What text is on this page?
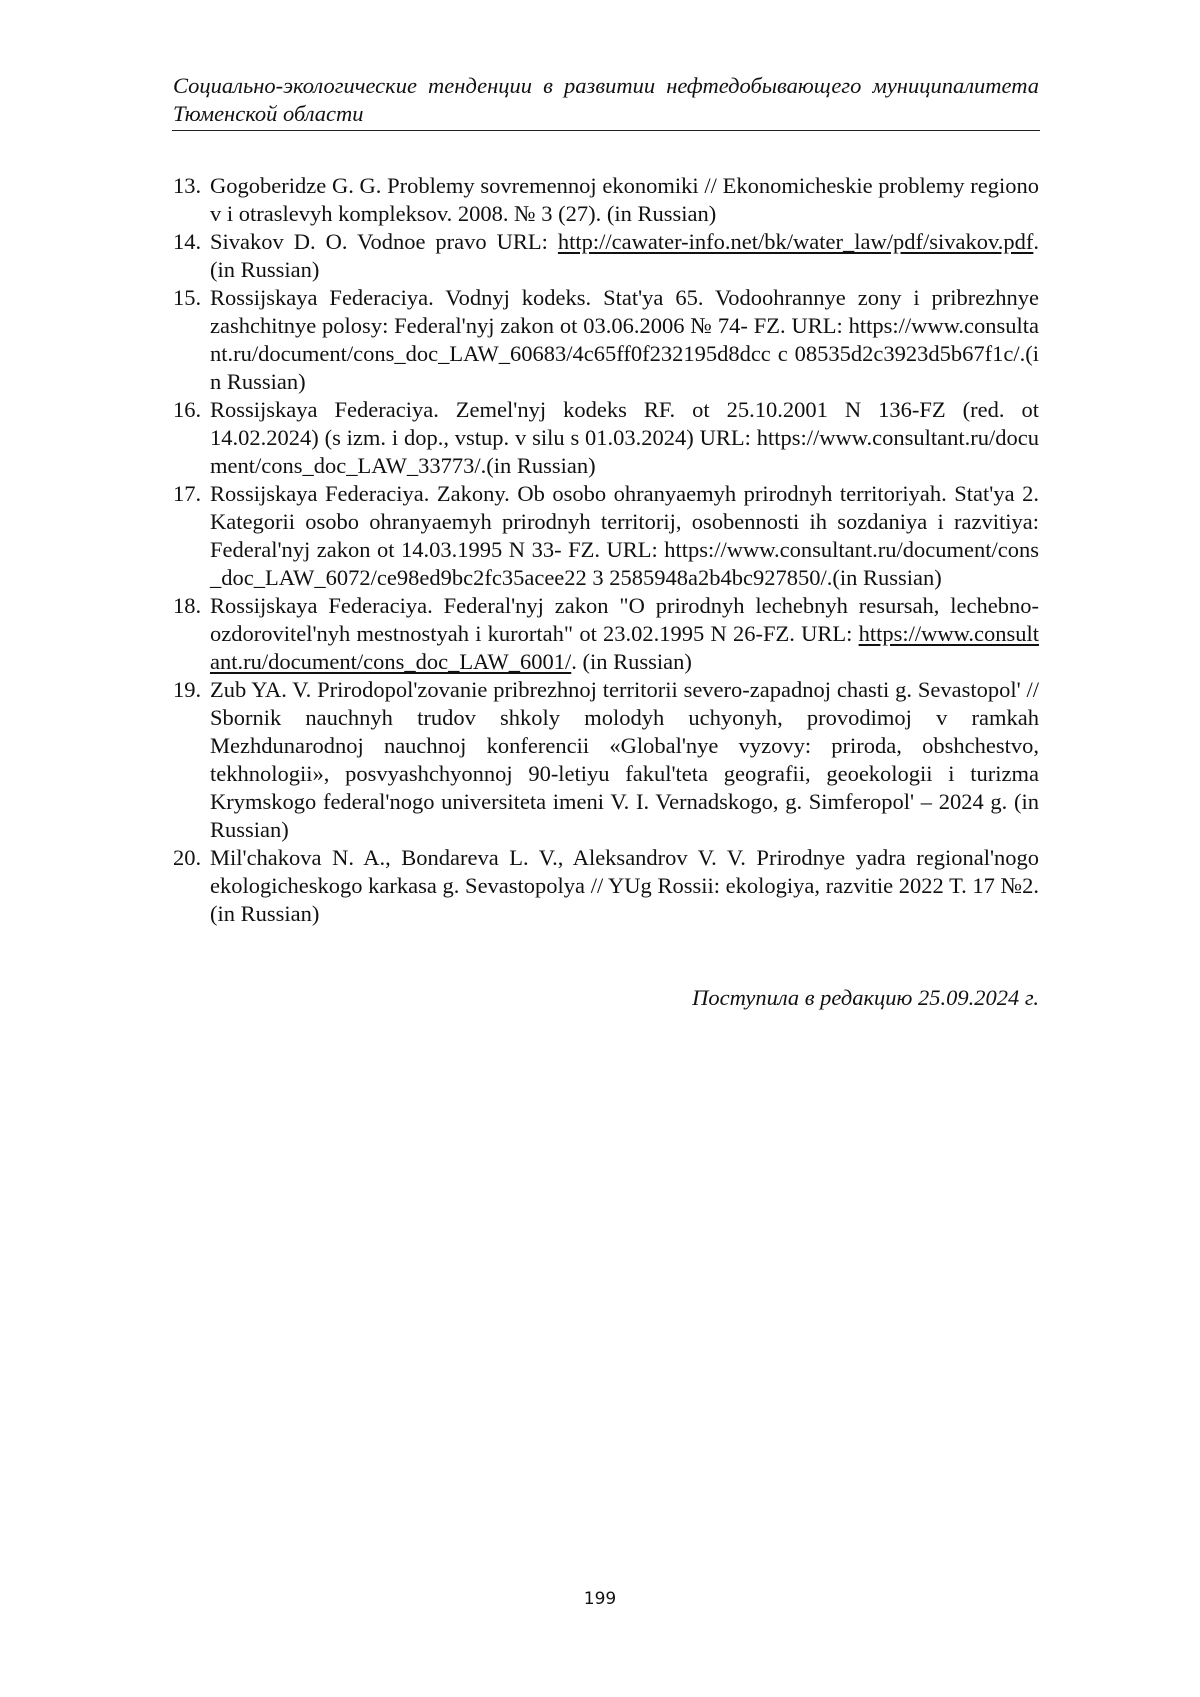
Социально-экологические тенденции в развитии нефтедобывающего муниципалитета Тюменской области
13. Gogoberidze G. G. Problemy sovremennoj ekonomiki // Ekonomicheskie problemy regionov i otraslevyh kompleksov. 2008. № 3 (27). (in Russian)
14. Sivakov D. O. Vodnoe pravo URL: http://cawater-info.net/bk/water_law/pdf/sivakov.pdf. (in Russian)
15. Rossijskaya Federaciya. Vodnyj kodeks. Stat'ya 65. Vodoohrannye zony i pribrezhnye zashchitnye polosy: Federal'nyj zakon ot 03.06.2006 № 74- FZ. URL: https://www.consultant.ru/document/cons_doc_LAW_60683/4c65ff0f232195d8dcc c 08535d2c3923d5b67f1c/.(in Russian)
16. Rossijskaya Federaciya. Zemel'nyj kodeks RF. ot 25.10.2001 N 136-FZ (red. ot 14.02.2024) (s izm. i dop., vstup. v silu s 01.03.2024) URL: https://www.consultant.ru/document/cons_doc_LAW_33773/.(in Russian)
17. Rossijskaya Federaciya. Zakony. Ob osobo ohranyaemyh prirodnyh territoriyah. Stat'ya 2. Kategorii osobo ohranyaemyh prirodnyh territorij, osobennosti ih sozdaniya i razvitiya: Federal'nyj zakon ot 14.03.1995 N 33- FZ. URL: https://www.consultant.ru/document/cons_doc_LAW_6072/ce98ed9bc2fc35acee22 3 2585948a2b4bc927850/.(in Russian)
18. Rossijskaya Federaciya. Federal'nyj zakon "O prirodnyh lechebnyh resursah, lechebno-ozdorovitel'nyh mestnostyah i kurortah" ot 23.02.1995 N 26-FZ. URL: https://www.consultant.ru/document/cons_doc_LAW_6001/. (in Russian)
19. Zub YA. V. Prirodopol'zovanie pribrezhnoj territorii severo-zapadnoj chasti g. Sevastopol' // Sbornik nauchnyh trudov shkoly molodyh uchyonyh, provodimoj v ramkah Mezhdunarodnoj nauchnoj konferencii «Global'nye vyzovy: priroda, obshchestvo, tekhnologii», posvyashchyonnoj 90-letiyu fakul'teta geografii, geoekologii i turizma Krymskogo federal'nogo universiteta imeni V. I. Vernadskogo, g. Simferopol' – 2024 g. (in Russian)
20. Mil'chakova N. A., Bondareva L. V., Aleksandrov V. V. Prirodnye yadra regional'nogo ekologicheskogo karkasa g. Sevastopolya // YUg Rossii: ekologiya, razvitie 2022 T. 17 №2. (in Russian)
Поступила в редакцию 25.09.2024 г.
199
